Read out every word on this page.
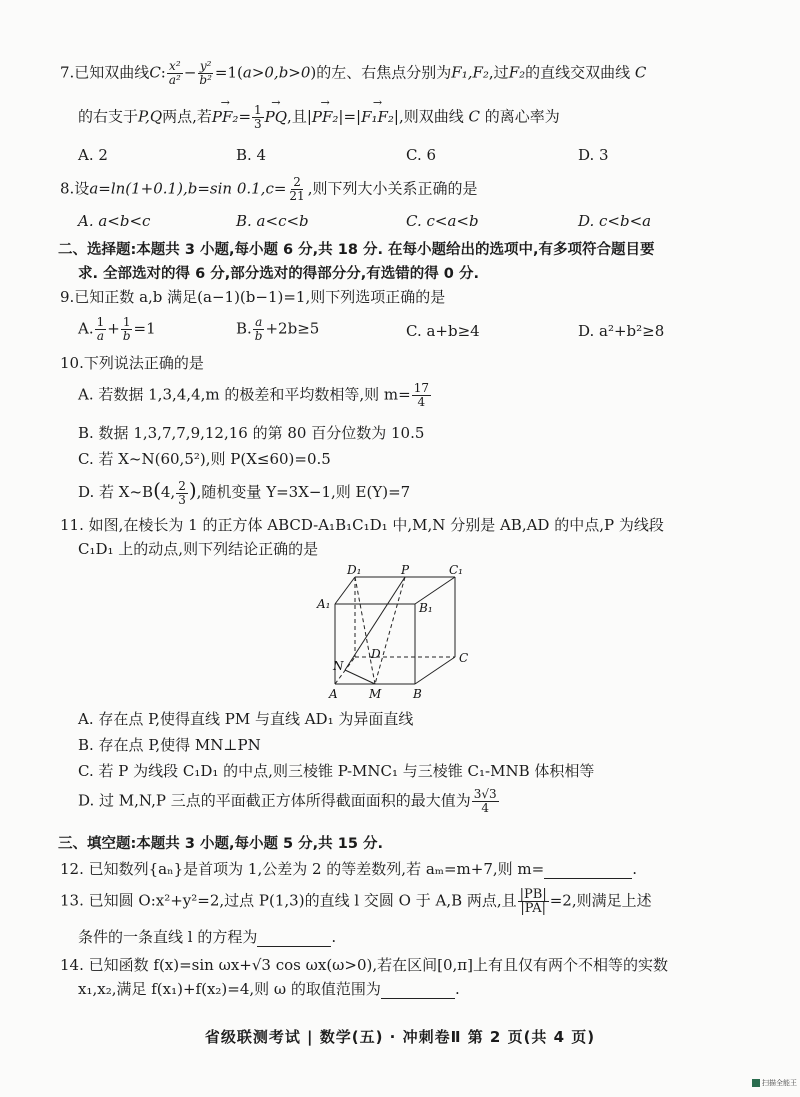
7.已知双曲线C: $\frac{\text{x²}}{\text{a²}} - \frac{\text{y²}}{\text{b²}} =1(a>0,b>0)$的左、右焦点分别为F₁,F₂,过F₂的直线交双曲线 C
的右支于P,Q两点,若→ $PF_2= \frac{1}{3}$
→ PQ,且|→ PF₂|=|→ F₁F₂|,则双曲线 C 的离心率为
A. 2	B. 4	C. 6	D. 3
8.设a=ln(1+0.1),b=sin $0.1,c= \frac{2}{21}$ ,则下列大小关系正确的是
A. a<b<c	B. a<c<b	C. c<a<b	D. c<b<a
二、选择题:本题共 3 小题,每小题 6 分,共 18 分. 在每小题给出的选项中,有多项符合题目要
求. 全部选对的得 6 分,部分选对的得部分分,有选错的得 0 分.
9.已知正数 a,b 满足(a−1)(b−1)=1,则下列选项正确的是
A. $\frac{1}{a} + \frac{1}{b} =1$	B. $\frac{a}{b} +2b\ge 5$	C. a+b≥4	D. a²+b²≥8
10.下列说法正确的是
A. 若数据 1,3,4,4,m 的极差和平均数相等,则 $m= \frac{17}{4}$
B. 数据 1,3,7,7,9,12,16 的第 80 百分位数为 10.5
C. 若 X~N(60,5²),则 P(X≤60)=0.5
D. 若 X~B(4, $\frac{2}{3}$ ),随机变量 Y=3X−1,则 E(Y)=7
11. 如图,在棱长为 1 的正方体 ABCD-A₁B₁C₁D₁ 中,M,N 分别是 AB,AD 的中点,P 为线段
C₁D₁ 上的动点,则下列结论正确的是
D₁	P	C₁
A₁	B₁
D	C
N
A	M	B
A. 存在点 P,使得直线 PM 与直线 AD₁ 为异面直线
B. 存在点 P,使得 MN⊥PN
C. 若 P 为线段 C₁D₁ 的中点,则三棱锥 P-MNC₁ 与三棱锥 C₁-MNB 体积相等
D. 过 M,N,P 三点的平面截正方体所得截面面积的最大值为 $\frac{3√3}{4}$
三、填空题:本题共 3 小题,每小题 5 分,共 15 分.
12. 已知数列{aₙ}是首项为 1,公差为 2 的等差数列,若 aₘ=m+7,则 m=	.
13. 已知圆 O:x²+y²=2,过点 P(1,3)的直线 l 交圆 O 于 A,B 两点,且 $\frac{|PB|}{|PA|} =2$,则满足上述
条件的一条直线 l 的方程为	.
14. 已知函数 f(x)=sin ωx+√3 cos ωx(ω>0),若在区间[0,π]上有且仅有两个不相等的实数
x₁,x₂,满足 f(x₁)+f(x₂)=4,则 ω 的取值范围为	.
省级联测考试 | 数学(五) · 冲刺卷Ⅱ 第 2 页(共 4 页)
扫描全能王
